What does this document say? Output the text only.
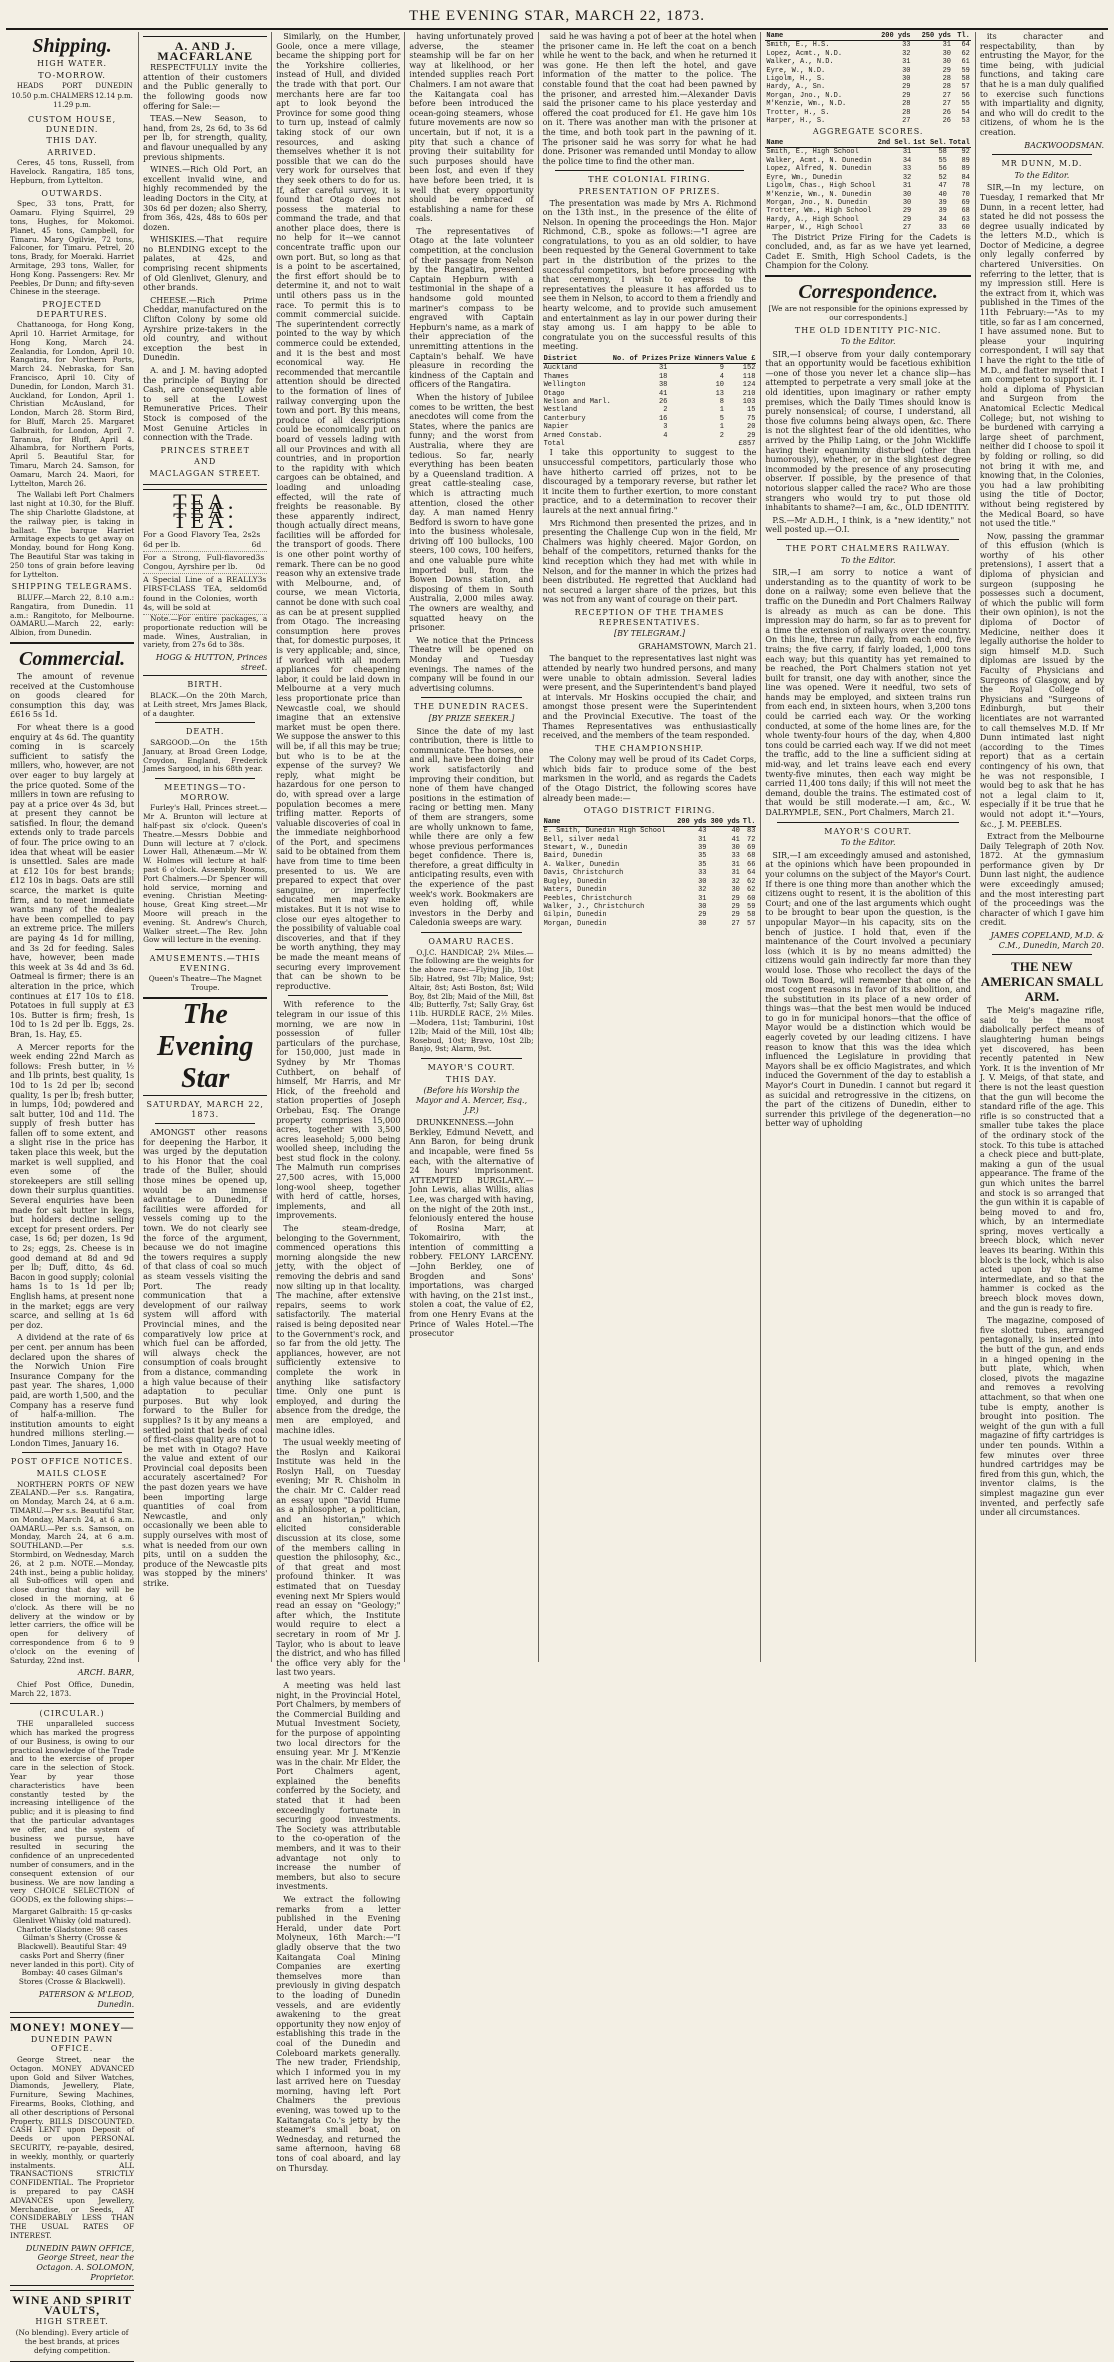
THE EVENING STAR, MARCH 22, 1873.
Shipping.
HIGH WATER.
TO-MORROW.
HEADS
10.50 p.m.
PORT CHALMERS
11.29 p.m.
DUNEDIN
12.14 p.m.
CUSTOM HOUSE, DUNEDIN.
THIS DAY.
ARRIVED.

Ceres, 45 tons, Russell, from Havelock. Rangatira, 185 tons, Hepburn, from Lyttelton.

OUTWARDS.

Spec, 33 tons, Pratt, for Oamaru. Flying Squirrel, 29 tons, Hughes, for Mokomoi. Planet, 45 tons, Campbell, for Timaru. Mary Ogilvie, 72 tons, Falconer, for Timaru. Petrel, 20 tons, Brady, for Moeraki. Harriet Armitage, 293 tons, Waller, for Hong Kong. Passengers: Rev. Mr Peebles, Dr Dunn; and fifty-seven Chinese in the steerage.

PROJECTED DEPARTURES.

Chattanooga, for Hong Kong, April 10. Harriet Armitage, for Hong Kong, March 24. Zealandia, for London, April 10. Rangatira, for Northern Ports, March 24. Nebraska, for San Francisco, April 10. City of Dunedin, for London, March 31. Auckland, for London, April 1. Christian McAusland, for London, March 28. Storm Bird, for Bluff, March 25. Margaret Galbraith, for London, April 7. Taranua, for Bluff, April 4. Alhambra, for Northern Ports, April 5. Beautiful Star, for Timaru, March 24. Samson, for Oamaru, March 24. Maori, for Lyttelton, March 26.

The Wallabi left Port Chalmers last night at 10.30, for the Bluff. The ship Charlotte Gladstone, at the railway pier, is taking in ballast. The barque Harriet Armitage expects to get away on Monday, bound for Hong Kong. The Beautiful Star was taking in 250 tons of grain before leaving for Lyttelton.

SHIPPING TELEGRAMS.

BLUFF.—March 22, 8.10 a.m.: Rangatira, from Dunedin. 11 a.m.: Rangitoto, for Melbourne. OAMARU.—March 22, early: Albion, from Dunedin.

Commercial.

The amount of revenue received at the Customhouse on goods cleared for consumption this day, was £616 5s 1d.

For wheat there is a good enquiry at 4s 6d. The quantity coming in is scarcely sufficient to satisfy the millers, who, however, are not over eager to buy largely at the price quoted. Some of the millers in town are refusing to pay at a price over 4s 3d, but at present they cannot be satisfied. In flour, the demand extends only to trade parcels of four. The price owing to an idea that wheat will be easier is unsettled. Sales are made at £12 10s for best brands; £12 10s in bags. Oats are still scarce, the market is quite firm, and to meet immediate wants many of the dealers have been compelled to pay an extreme price. The millers are paying 4s 1d for milling, and 3s 2d for feeding. Sales have, however, been made this week at 3s 4d and 3s 6d. Oatmeal is firmer; there is an alteration in the price, which continues at £17 10s to £18. Potatoes in full supply at £3 10s. Butter is firm; fresh, 1s 10d to 1s 2d per lb. Eggs, 2s. Bran, 1s. Hay, £5.

A Mercer reports for the week ending 22nd March as follows: Fresh butter, in ½ and 1lb prints, best quality, 1s 10d to 1s 2d per lb; second quality, 1s per lb; fresh butter, in lumps, 10d; powdered and salt butter, 10d and 11d. The supply of fresh butter has fallen off to some extent, and a slight rise in the price has taken place this week, but the market is well supplied, and even some of the storekeepers are still selling down their surplus quantities. Several enquiries have been made for salt butter in kegs, but holders decline selling except for present orders. Per case, 1s 6d; per dozen, 1s 9d to 2s; eggs, 2s. Cheese is in good demand at 8d and 9d per lb; Duff, ditto, 4s 6d. Bacon in good supply; colonial hams 1s to 1s 1d per lb; English hams, at present none in the market; eggs are very scarce, and selling at 1s 6d per doz.

A dividend at the rate of 6s per cent. per annum has been declared upon the shares of the Norwich Union Fire Insurance Company for the past year. The shares, 1,000 paid, are worth 1,500, and the Company has a reserve fund of half-a-million. The institution amounts to eight hundred millions sterling.—London Times, January 16.

POST OFFICE NOTICES.
MAILS CLOSE

NORTHERN PORTS OF NEW ZEALAND.—Per s.s. Rangatira, on Monday, March 24, at 6 a.m. TIMARU.—Per s.s. Beautiful Star, on Monday, March 24, at 6 a.m. OAMARU.—Per s.s. Samson, on Monday, March 24, at 6 a.m. SOUTHLAND.—Per s.s. Stormbird, on Wednesday, March 26, at 2 p.m. NOTE.—Monday, 24th inst., being a public holiday, all Sub-offices will open and close during that day will be closed in the morning, at 6 o'clock. As there will be no delivery at the window or by letter carriers, the office will be open for delivery of correspondence from 6 to 9 o'clock on the evening of Saturday, 22nd inst.

ARCH. BARR,

Chief Post Office, Dunedin, March 22, 1873.

(CIRCULAR.)

THE unparalleled success which has marked the progress of our Business, is owing to our practical knowledge of the Trade and to the exercise of proper care in the selection of Stock. Year by year those characteristics have been constantly tested by the increasing intelligence of the public; and it is pleasing to find that the particular advantages we offer, and the system of business we pursue, have resulted in securing the confidence of an unprecedented number of consumers, and in the consequent extension of our business. We are now landing a very CHOICE SELECTION of GOODS, ex the following ships:—

Margaret Galbraith: 15 qr-casks Glenlivet Whisky (old matured). Charlotte Gladstone: 98 cases Gilman's Sherry (Crosse & Blackwell). Beautiful Star: 49 casks Port and Sherry (finer never landed in this port). City of Bombay: 40 cases Gilman's Stores (Crosse & Blackwell).

PATERSON & M'LEOD, Dunedin.
MONEY! MONEY—
DUNEDIN PAWN OFFICE.

George Street, near the Octagon. MONEY ADVANCED upon Gold and Silver Watches, Diamonds, Jewellery, Plate, Furniture, Sewing Machines, Firearms, Books, Clothing, and all other descriptions of Personal Property. BILLS DISCOUNTED. CASH LENT upon Deposit of Deeds or upon PERSONAL SECURITY, re-payable, desired, in weekly, monthly, or quarterly instalments. ALL TRANSACTIONS STRICTLY CONFIDENTIAL. The Proprietor is prepared to pay CASH ADVANCES upon Jewellery, Merchandise, or Seeds, AT CONSIDERABLY LESS THAN THE USUAL RATES OF INTEREST.

DUNEDIN PAWN OFFICE, George Street, near the Octagon. A. SOLOMON, Proprietor.
WINE AND SPIRIT VAULTS,
HIGH STREET.

(No blending). Every article of the best brands, at prices defying competition.

A. AND J. MACFARLANE

RESPECTFULLY invite the attention of their customers and the Public generally to the following goods now offering for Sale:—

TEAS.—New Season, to hand, from 2s, 2s 6d, to 3s 6d per lb, for strength, quality, and flavour unequalled by any previous shipments.

WINES.—Rich Old Port, an excellent invalid wine, and highly recommended by the leading Doctors in the City, at 30s 6d per dozen; also Sherry, from 36s, 42s, 48s to 60s per dozen.

WHISKIES.—That require no BLENDING except to the palates, at 42s, and comprising recent shipments of Old Glenlivet, Glenury, and other brands.

CHEESE.—Rich Prime Cheddar, manufactured on the Clifton Colony by some old Ayrshire prize-takers in the old country, and without exception the best in Dunedin.

A. and J. M. having adopted the principle of Buying for Cash, are consequently able to sell at the Lowest Remunerative Prices. Their Stock is composed of the Most Genuine Articles in connection with the Trade.

PRINCES STREET
AND
MACLAGGAN STREET.
TEA. TEA. TEA.
For a Good Flavory Tea, 2s 6d per lb.
2s 6d
For a Strong, Full-flavored Congou, Ayrshire per lb.
3s 0d
A Special Line of a REALLY FIRST-CLASS TEA, seldom found in the Colonies, worth 4s, will be sold at
3s 6d

Note.—For entire packages, a proportionate reduction will be made. Wines, Australian, in variety, from 27s 6d to 38s.

HOGG & HUTTON, Princes street.
BIRTH.

BLACK.—On the 20th March, at Leith street, Mrs James Black, of a daughter.

DEATH.

SARGOOD.—On the 15th January, at Broad Green Lodge, Croydon, England, Frederick James Sargood, in his 68th year.

MEETINGS—TO-MORROW.

Furley's Hall, Princes street.—Mr A. Brunton will lecture at half-past six o'clock. Queen's Theatre.—Messrs Dobbie and Dunn will lecture at 7 o'clock. Lower Hall, Athenæum.—Mr W. W. Holmes will lecture at half-past 6 o'clock. Assembly Rooms, Port Chalmers.—Dr Spencer will hold service, morning and evening. Christian Meeting-house, Great King street.—Mr Moore will preach in the evening. St. Andrew's Church, Walker street.—The Rev. John Gow will lecture in the evening.

AMUSEMENTS.—THIS EVENING.

Queen's Theatre—The Magnet Troupe.

The Evening Star
SATURDAY, MARCH 22, 1873.

AMONGST other reasons for deepening the Harbor, it was urged by the deputation to his Honor that the coal trade of the Buller, should those mines be opened up, would be an immense advantage to Dunedin, if facilities were afforded for vessels coming up to the town. We do not clearly see the force of the argument, because we do not imagine the towers requires a supply of that class of coal so much as steam vessels visiting the Port. The ready communication that a development of our railway system will afford with Provincial mines, and the comparatively low price at which fuel can be afforded, will always check the consumption of coals brought from a distance, commanding a high value because of their adaptation to peculiar purposes. But why look forward to the Buller for supplies? Is it by any means a settled point that beds of coal of first-class quality are not to be met with in Otago? Have the value and extent of our Provincial coal deposits been accurately ascertained? For the past dozen years we have been importing large quantities of coal from Newcastle, and only occasionally we been able to supply ourselves with most of what is needed from our own pits, until on a sudden the produce of the Newcastle pits was stopped by the miners' strike.

Similarly, on the Humber, Goole, once a mere village, became the shipping port for the Yorkshire collieries, instead of Hull, and divided the trade with that port. Our merchants here are far too apt to look beyond the Province for some good thing to turn up, instead of calmly taking stock of our own resources, and asking themselves whether it is not possible that we can do the very work for ourselves that they seek others to do for us. If, after careful survey, it is found that Otago does not possess the material to command the trade, and that another place does, there is no help for it—we cannot concentrate traffic upon our own port. But, so long as that is a point to be ascertained, the first effort should be to determine it, and not to wait until others pass us in the race. To permit this is to commit commercial suicide. The superintendent correctly pointed to the way by which commerce could be extended, and it is the best and most economical way. He recommended that mercantile attention should be directed to the formation of lines of railway converging upon the town and port. By this means, produce of all descriptions could be economically put on board of vessels lading with all our Provinces and with all countries, and in proportion to the rapidity with which cargoes can be obtained, and loading and unloading effected, will the rate of freights be reasonable. By these apparently indirect, though actually direct means, facilities will be afforded for the transport of goods. There is one other point worthy of remark. There can be no good reason why an extensive trade with Melbourne, and, of course, we mean Victoria, cannot be done with such coal as can be at present supplied from Otago. The increasing consumption here proves that, for domestic purposes, it is very applicable; and, since, if worked with all modern appliances for cheapening labor, it could be laid down in Melbourne at a very much less proportionate price than Newcastle coal, we should imagine that an extensive market must be open there. We suppose the answer to this will be, if all this may be true; but who is to be at the expense of the survey? We reply, what might be hazardous for one person to do, with spread over a large population becomes a mere trifling matter. Reports of valuable discoveries of coal in the immediate neighborhood of the Port, and specimens said to be obtained from them have from time to time been presented to us. We are prepared to expect that over sanguine, or imperfectly educated men may make mistakes. But it is not wise to close our eyes altogether to the possibility of valuable coal discoveries, and that if they be worth anything, they may be made the meant means of securing every improvement that can be shown to be reproductive.

With reference to the telegram in our issue of this morning, we are now in possession of fuller particulars of the purchase, for 150,000, just made in Sydney by Mr Thomas Cuthbert, on behalf of himself, Mr Harris, and Mr Hick, of the freehold and station properties of Joseph Orbebau, Esq. The Orange property comprises 15,000 acres, together with 3,500 acres leasehold; 5,000 being woolled sheep, including the best stud flock in the colony. The Malmuth run comprises 27,500 acres, with 15,000 long-wool sheep, together with herd of cattle, horses, implements, and all improvements.

The steam-dredge, belonging to the Government, commenced operations this morning alongside the new jetty, with the object of removing the debris and sand now silting up in that locality. The machine, after extensive repairs, seems to work satisfactorily. The material raised is being deposited near to the Government's rock, and so far from the old jetty. The appliances, however, are not sufficiently extensive to complete the work in anything like satisfactory time. Only one punt is employed, and during the absence from the dredge, the men are employed, and machine idles.

The usual weekly meeting of the Roslyn and Kaikorai Institute was held in the Roslyn Hall, on Tuesday evening; Mr R. Chisholm in the chair. Mr C. Calder read an essay upon "David Hume as a philosopher, a politician, and an historian," which elicited considerable discussion at its close, some of the members calling in question the philosophy, &c., of that great and most profound thinker. It was estimated that on Tuesday evening next Mr Spiers would read an essay on "Geology;" after which, the Institute would require to elect a secretary in room of Mr J. Taylor, who is about to leave the district, and who has filled the office very ably for the last two years.

A meeting was held last night, in the Provincial Hotel, Port Chalmers, by members of the Commercial Building and Mutual Investment Society, for the purpose of appointing two local directors for the ensuing year. Mr J. M'Kenzie was in the chair. Mr Elder, the Port Chalmers agent, explained the benefits conferred by the Society, and stated that it had been exceedingly fortunate in securing good investments. The Society was attributable to the co-operation of the members, and it was to their advantage not only to increase the number of members, but also to secure investments.

We extract the following remarks from a letter published in the Evening Herald, under date Port Molyneux, 16th March:—"I gladly observe that the two Kaitangata Coal Mining Companies are exerting themselves more than previously in giving despatch to the loading of Dunedin vessels, and are evidently awakening to the great opportunity they now enjoy of establishing this trade in the coal of the Dunedin and Coleboard markets generally. The new trader, Friendship, which I informed you in my last arrived here on Tuesday morning, having left Port Chalmers the previous evening, was towed up to the Kaitangata Co.'s jetty by the steamer's small boat, on Wednesday, and returned the same afternoon, having 68 tons of coal aboard, and lay on Thursday.

having unfortunately proved adverse, the steamer steamship will be far on her way at likelihood, or her intended supplies reach Port Chalmers. I am not aware that the Kaitangata coal has before been introduced the ocean-going steamers, whose future movements are now so uncertain, but if not, it is a pity that such a chance of proving their suitability for such purposes should have been lost, and even if they have before been tried, it is well that every opportunity should be embraced of establishing a name for these coals.

The representatives of Otago at the late volunteer competition, at the conclusion of their passage from Nelson by the Rangatira, presented Captain Hepburn with a testimonial in the shape of a handsome gold mounted mariner's compass to be engraved with Captain Hepburn's name, as a mark of their appreciation of the unremitting attentions in the Captain's behalf. We have pleasure in recording the kindness of the Captain and officers of the Rangatira.

When the history of Jubilee comes to be written, the best anecdotes will come from the States, where the panics are funny; and the worst from Australia, where they are tedious. So far, nearly everything has been beaten by a Queensland tradition. A great cattle-stealing case, which is attracting much attention, closed the other day. A man named Henry Bedford is sworn to have gone into the business wholesale, driving off 100 bullocks, 100 steers, 100 cows, 100 heifers, and one valuable pure white imported bull, from the Bowen Downs station, and disposing of them in South Australia, 2,000 miles away. The owners are wealthy, and squatted heavy on the prisoner.

We notice that the Princess Theatre will be opened on Monday and Tuesday evenings. The names of the company will be found in our advertising columns.

THE DUNEDIN RACES.

[BY PRIZE SEEKER.]

Since the date of my last contribution, there is little to communicate. The horses, one and all, have been doing their work satisfactorily and improving their condition, but none of them have changed positions in the estimation of racing or betting men. Many of them are strangers, some are wholly unknown to fame, while there are only a few whose previous performances beget confidence. There is, therefore, a great difficulty in anticipating results, even with the experience of the past week's work. Bookmakers are even holding off, while investors in the Derby and Caledonia sweeps are wary.

OAMARU RACES.

O.J.C. HANDICAP, 2¼ Miles.—The following are the weights for the above race:—Flying Jib, 10st 5lb; Hatred, 9st 7lb; Malice, 9st; Altair, 8st; Asti Boston, 8st; Wild Boy, 8st 2lb; Maid of the Mill, 8st 4lb; Butterfly, 7st; Sally Gray, 6st 11lb. HURDLE RACE, 2½ Miles.—Modera, 11st; Tamburini, 10st 12lb; Maid of the Mill, 10st 4lb; Rosebud, 10st; Bravo, 10st 2lb; Banjo, 9st; Alarm, 9st.

MAYOR'S COURT.
THIS DAY.

(Before his Worship the Mayor and A. Mercer, Esq., J.P.)

DRUNKENNESS.—John Berkley, Edmund Nevett, and Ann Baron, for being drunk and incapable, were fined 5s each, with the alternative of 24 hours' imprisonment. ATTEMPTED BURGLARY.—John Lewis, alias Willis, alias Lee, was charged with having, on the night of the 20th inst., feloniously entered the house of Rosina Marr, at Tokomairiro, with the intention of committing a robbery. FELONY LARCENY.—John Berkley, one of Brogden and Sons' importations, was charged with having, on the 21st inst., stolen a coat, the value of £2, from one Henry Evans at the Prince of Wales Hotel.—The prosecutor

said he was having a pot of beer at the hotel when the prisoner came in. He left the coat on a bench while he went to the back, and when he returned it was gone. He then left the hotel, and gave information of the matter to the police. The constable found that the coat had been pawned by the prisoner, and arrested him.—Alexander Davis said the prisoner came to his place yesterday and offered the coat produced for £1. He gave him 10s on it. There was another man with the prisoner at the time, and both took part in the pawning of it. The prisoner said he was sorry for what he had done. Prisoner was remanded until Monday to allow the police time to find the other man.

THE COLONIAL FIRING.
PRESENTATION OF PRIZES.

The presentation was made by Mrs A. Richmond on the 13th inst., in the presence of the élite of Nelson. In opening the proceedings the Hon. Major Richmond, C.B., spoke as follows:—"I agree are congratulations, to you as an old soldier, to have been requested by the General Government to take part in the distribution of the prizes to the successful competitors, but before proceeding with that ceremony, I wish to express to the representatives the pleasure it has afforded us to see them in Nelson, to accord to them a friendly and hearty welcome, and to provide such amusement and entertainment as lay in our power during their stay among us. I am happy to be able to congratulate you on the successful results of this meeting.

District	No. of Prizes	Prize Winners	Value £
Auckland	31	9	152
Thames	18	4	118
Wellington	38	10	124
Otago	41	13	210
Nelson and Marl.	26	8	103
Westland	2	1	15
Canterbury	16	5	75
Napier	3	1	20
Armed Constab.	4	2	29
Total	£857		

I take this opportunity to suggest to the unsuccessful competitors, particularly those who have hitherto carried off prizes, not to be discouraged by a temporary reverse, but rather let it incite them to further exertion, to more constant practice, and to a determination to recover their laurels at the next annual firing."

Mrs Richmond then presented the prizes, and in presenting the Challenge Cup won in the field, Mr Chalmers was highly cheered. Major Gordon, on behalf of the competitors, returned thanks for the kind reception which they had met with while in Nelson, and for the manner in which the prizes had been distributed. He regretted that Auckland had not secured a larger share of the prizes, but this was not from any want of courage on their part.

RECEPTION OF THE THAMES REPRESENTATIVES.

[BY TELEGRAM.]

GRAHAMSTOWN, March 21.

The banquet to the representatives last night was attended by nearly two hundred persons, and many were unable to obtain admission. Several ladies were present, and the Superintendent's band played at intervals. Mr Hoskins occupied the chair, and amongst those present were the Superintendent and the Provincial Executive. The toast of the Thames Representatives was enthusiastically received, and the members of the team responded.

THE CHAMPIONSHIP.

The Colony may well be proud of its Cadet Corps, which bids fair to produce some of the best marksmen in the world, and as regards the Cadets of the Otago District, the following scores have already been made:—

OTAGO DISTRICT FIRING.
Name	200 yds	300 yds	Tl.
E. Smith, Dunedin High School	43	40	83
Bell, silver medal	31	41	72
Stewart, W., Dunedin	39	30	69
Baird, Dunedin	35	33	68
A. Walker, Dunedin	35	31	66
Davis, Christchurch	33	31	64
Bugley, Dunedin	30	32	62
Waters, Dunedin	32	30	62
Peebles, Christchurch	31	29	60
Walker, J., Christchurch	30	29	59
Gilpin, Dunedin	29	29	58
Morgan, Dunedin	30	27	57
Name	200 yds	250 yds	Tl.
Smith, E., H.S.	33	31	64
Lopez, Acmt., N.D.	32	30	62
Walker, A., N.D.	31	30	61
Eyre, W., N.D.	30	29	59
Ligolm, H., S.	30	28	58
Hardy, A., Sn.	29	28	57
Morgan, Jno., N.D.	29	27	56
M'Kenzie, Wm., N.D.	28	27	55
Trotter, H., S.	28	26	54
Harper, H., S.	27	26	53
AGGREGATE SCORES.
Name	2nd Sel.	1st Sel.	Total
Smith, E., High School	31	58	92
Walker, Acmt., N. Dunedin	34	55	89
Lopez, Alfred, N. Dunedin	33	56	89
Eyre, Wm., Dunedin	32	52	84
Ligolm, Chas., High School	31	47	78
M'Kenzie, Wm., N. Dunedin	30	40	70
Morgan, Jno., N. Dunedin	30	39	69
Trotter, Wm., High School	29	39	68
Hardy, A., High School	29	34	63
Harper, W., High School	27	33	60

The District Prize Firing for the Cadets is concluded, and, as far as we have yet learned, Cadet E. Smith, High School Cadets, is the Champion for the Colony.

Correspondence.

[We are not responsible for the opinions expressed by our correspondents.]

THE OLD IDENTITY PIC-NIC.

To the Editor.

SIR,—I observe from your daily contemporary that an opportunity would be facetious exhibition—one of those you never let a chance slip—has attempted to perpetrate a very small joke at the old identities, upon imaginary or rather empty premises, which the Daily Times should know is purely nonsensical; of course, I understand, all those five columns being always open, &c. There is not the slightest fear of the old identities, who arrived by the Philip Laing, or the John Wickliffe having their equanimity disturbed (other than humorously), whether, or in the slightest degree incommoded by the presence of any prosecuting observer. If possible, by the presence of that notorious slapper called the race? Who are those strangers who would try to put those old inhabitants to shame?—I am, &c., OLD IDENTITY.

P.S.—Mr A.D.H., I think, is a "new identity," not well posted up.—O.I.

THE PORT CHALMERS RAILWAY.

To the Editor.

SIR,—I am sorry to notice a want of understanding as to the quantity of work to be done on a railway; some even believe that the traffic on the Dunedin and Port Chalmers Railway is already as much as can be done. This impression may do harm, so far as to prevent for a time the extension of railways over the country. On this line, three run daily, from each end, five trains; the five carry, if fairly loaded, 1,000 tons each way; but this quantity has yet remained to be reached, the Port Chalmers station not yet built for transit, one day with another, since the line was opened. Were it needful, two sets of hands may be employed, and sixteen trains run from each end, in sixteen hours, when 3,200 tons could be carried each way. Or the working conducted, at some of the home lines are, for the whole twenty-four hours of the day, when 4,800 tons could be carried each way. If we did not meet the traffic, add to the line a sufficient siding at mid-way, and let trains leave each end every twenty-five minutes, then each way might be carried 11,400 tons daily; if this will not meet the demand, double the trains. The estimated cost of that would be still moderate.—I am, &c., W. DALRYMPLE, SEN., Port Chalmers, March 21.

MAYOR'S COURT.

To the Editor.

SIR,—I am exceedingly amused and astonished, at the opinions which have been propounded in your columns on the subject of the Mayor's Court. If there is one thing more than another which the citizens ought to resent, it is the abolition of this Court; and one of the last arguments which ought to be brought to bear upon the question, is the unpopular Mayor—in his capacity, sits on the bench of justice. I hold that, even if the maintenance of the Court involved a pecuniary loss (which it is by no means admitted) the citizens would gain indirectly far more than they would lose. Those who recollect the days of the old Town Board, will remember that one of the most cogent reasons in favor of its abolition, and the substitution in its place of a new order of things was—that the best men would be induced to go in for municipal honors—that the office of Mayor would be a distinction which would be eagerly coveted by our leading citizens. I have reason to know that this was the idea which influenced the Legislature in providing that Mayors shall be ex officio Magistrates, and which induced the Government of the day to establish a Mayor's Court in Dunedin. I cannot but regard it as suicidal and retrogressive in the citizens, on the part of the citizens of Dunedin, either to surrender this privilege of the degeneration—no better way of upholding

its character and respectability, than by entrusting the Mayor, for the time being, with judicial functions, and taking care that he is a man duly qualified to exercise such functions with impartiality and dignity, and who will do credit to the citizens, of whom he is the creation.

BACKWOODSMAN.

MR DUNN, M.D.

To the Editor.

SIR,—In my lecture, on Tuesday, I remarked that Mr Dunn, in a recent letter, had stated he did not possess the degree usually indicated by the letters M.D., which is Doctor of Medicine, a degree only legally conferred by chartered Universities. On referring to the letter, that is my impression still. Here is the extract from it, which was published in the Times of the 11th February:—"As to my title, so far as I am concerned, I have assumed none. But to please your inquiring correspondent, I will say that I have the right to the title of M.D., and flatter myself that I am competent to support it. I hold a diploma of Physician and Surgeon from the Anatomical Eclectic Medical College; but, not wishing to be burdened with carrying a large sheet of parchment, neither did I choose to spoil it by folding or rolling, so did not bring it with me, and knowing that, in the Colonies, you had a law prohibiting using the title of Doctor, without being registered by the Medical Board, so have not used the title."

Now, passing the grammar of this effusion (which is worthy of his other pretensions), I assert that a diploma of physician and surgeon (supposing he possesses such a document, of which the public will form their own opinion), is not the diploma of Doctor of Medicine, neither does it legally authorise the holder to sign himself M.D. Such diplomas are issued by the Faculty of Physicians and Surgeons of Glasgow, and by the Royal College of Physicians and "Surgeons of Edinburgh, but their licentiates are not warranted to call themselves M.D. If Mr Dunn intimated last night (according to the Times report) that as a certain contingency of his own, that he was not responsible, I would beg to ask that he has not a legal claim to it, especially if it be true that he would not adopt it."—Yours, &c., J. M. PEEBLES.

Extract from the Melbourne Daily Telegraph of 20th Nov. 1872. At the gymnasium performance given by Dr Dunn last night, the audience were exceedingly amused; and the most interesting part of the proceedings was the character of which I gave him credit.

JAMES COPELAND, M.D. & C.M., Dunedin, March 20.

THE NEW AMERICAN SMALL ARM.

The Meig's magazine rifle, said to be the most diabolically perfect means of slaughtering human beings yet discovered, has been recently patented in New York. It is the invention of Mr J. V. Meigs, of that state, and there is not the least question that the gun will become the standard rifle of the age. This rifle is so constructed that a smaller tube takes the place of the ordinary stock of the stock. To this tube is attached a check piece and butt-plate, making a gun of the usual appearance. The frame of the gun which unites the barrel and stock is so arranged that the gun within it is capable of being moved to and fro, which, by an intermediate spring, moves vertically a breech block, which never leaves its bearing. Within this block is the lock, which is also acted upon by the same intermediate, and so that the hammer is cocked as the breech block moves down, and the gun is ready to fire.

The magazine, composed of five slotted tubes, arranged pentagonally, is inserted into the butt of the gun, and ends in a hinged opening in the butt plate, which, when closed, pivots the magazine and removes a revolving attachment, so that when one tube is empty, another is brought into position. The weight of the gun with a full magazine of fifty cartridges is under ten pounds. Within a few minutes over three hundred cartridges may be fired from this gun, which, the inventor claims, is the simplest magazine gun ever invented, and perfectly safe under all circumstances.
